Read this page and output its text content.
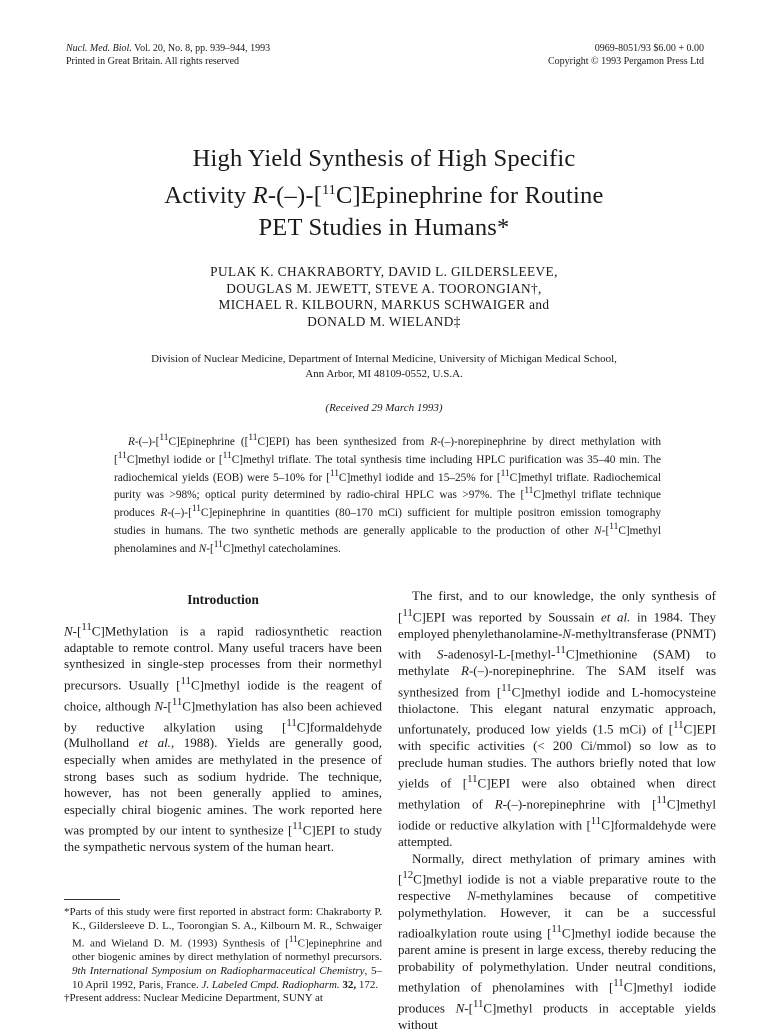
Nucl. Med. Biol. Vol. 20, No. 8, pp. 939–944, 1993
Printed in Great Britain. All rights reserved
0969-8051/93 $6.00 + 0.00
Copyright © 1993 Pergamon Press Ltd
High Yield Synthesis of High Specific
Activity R-(–)-[$^{11}$C]Epinephrine for Routine
PET Studies in Humans*
PULAK K. CHAKRABORTY, DAVID L. GILDERSLEEVE,
DOUGLAS M. JEWETT, STEVE A. TOORONGIAN†,
MICHAEL R. KILBOURN, MARKUS SCHWAIGER and
DONALD M. WIELAND‡
Division of Nuclear Medicine, Department of Internal Medicine, University of Michigan Medical School,
Ann Arbor, MI 48109-0552, U.S.A.
(Received 29 March 1993)

R-(–)-[$^{11}$C]Epinephrine ([$^{11}$C]EPI) has been synthesized from R-(–)-norepinephrine by direct methylation with [$^{11}$C]methyl iodide or [$^{11}$C]methyl triflate. The total synthesis time including HPLC purification was 35–40 min. The radiochemical yields (EOB) were 5–10% for [$^{11}$C]methyl iodide and 15–25% for [$^{11}$C]methyl triflate. Radiochemical purity was >98%; optical purity determined by radio-chiral HPLC was >97%. The [$^{11}$C]methyl triflate technique produces R-(–)-[$^{11}$C]epinephrine in quantities (80–170 mCi) sufficient for multiple positron emission tomography studies in humans. The two synthetic methods are generally applicable to the production of other N-[$^{11}$C]methyl phenolamines and N-[$^{11}$C]methyl catecholamines.

Introduction

N-[$^{11}$C]Methylation is a rapid radiosynthetic reaction adaptable to remote control. Many useful tracers have been synthesized in single-step processes from their normethyl precursors. Usually [$^{11}$C]methyl iodide is the reagent of choice, although N-[$^{11}$C]methylation has also been achieved by reductive alkylation using [$^{11}$C]formaldehyde (Mulholland et al., 1988). Yields are generally good, especially when amides are methylated in the presence of strong bases such as sodium hydride. The technique, however, has not been generally applied to amines, especially chiral biogenic amines. The work reported here was prompted by our intent to synthesize [$^{11}$C]EPI to study the sympathetic nervous system of the human heart.

The first, and to our knowledge, the only synthesis of [$^{11}$C]EPI was reported by Soussain et al. in 1984. They employed phenylethanolamine-N-methyltransferase (PNMT) with S-adenosyl-L-[methyl-$^{11}$C]methionine (SAM) to methylate R-(–)-norepinephrine. The SAM itself was synthesized from [$^{11}$C]methyl iodide and L-homocysteine thiolactone. This elegant natural enzymatic approach, unfortunately, produced low yields (1.5 mCi) of [$^{11}$C]EPI with specific activities (< 200 Ci/mmol) so low as to preclude human studies. The authors briefly noted that low yields of [$^{11}$C]EPI were also obtained when direct methylation of R-(–)-norepinephrine with [$^{11}$C]methyl iodide or reductive alkylation with [$^{11}$C]formaldehyde were attempted.

Normally, direct methylation of primary amines with [$^{12}$C]methyl iodide is not a viable preparative route to the respective N-methylamines because of competitive polymethylation. However, it can be a successful radioalkylation route using [$^{11}$C]methyl iodide because the parent amine is present in large excess, thereby reducing the probability of polymethylation. Under neutral conditions, methylation of phenolamines with [$^{11}$C]methyl iodide produces N-[$^{11}$C]methyl products in acceptable yields without

*Parts of this study were first reported in abstract form: Chakraborty P. K., Gildersleeve D. L., Toorongian S. A., Kilbourn M. R., Schwaiger M. and Wieland D. M. (1993) Synthesis of [$^{11}$C]epinephrine and other biogenic amines by direct methylation of normethyl precursors. 9th International Symposium on Radiopharmaceutical Chemistry, 5–10 April 1992, Paris, France. J. Labeled Cmpd. Radiopharm. 32, 172.

†Present address: Nuclear Medicine Department, SUNY at
